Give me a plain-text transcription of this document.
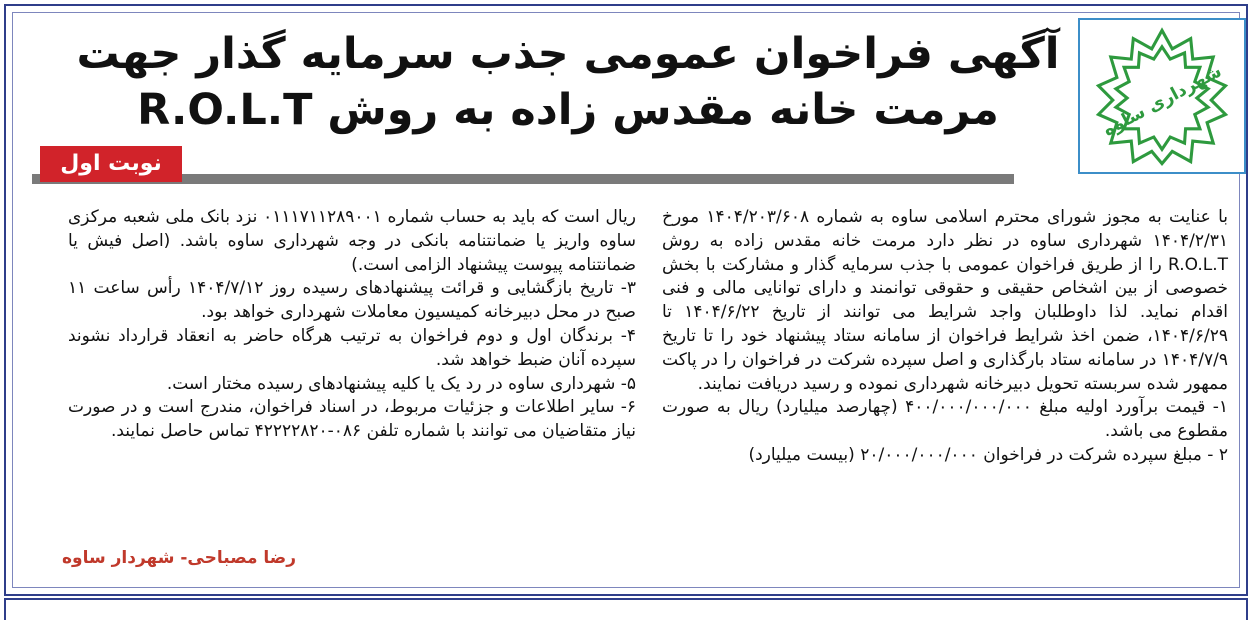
شهرداری ساوه
آگهی فراخوان عمومی جذب سرمایه گذار جهت
مرمت خانه مقدس زاده به روش R.O.L.T
نوبت اول

با عنایت به مجوز شورای محترم اسلامی ساوه به شماره ۱۴۰۴/۲۰۳/۶۰۸ مورخ ۱۴۰۴/۲/۳۱ شهرداری ساوه در نظر دارد مرمت خانه مقدس زاده به روش R.O.L.T را از طریق فراخوان عمومی با جذب سرمایه گذار و مشارکت با بخش خصوصی از بین اشخاص حقیقی و حقوقی توانمند و دارای توانایی مالی و فنی اقدام نماید. لذا داوطلبان واجد شرایط می توانند از تاریخ ۱۴۰۴/۶/۲۲ تا ۱۴۰۴/۶/۲۹، ضمن اخذ شرایط فراخوان از سامانه ستاد پیشنهاد خود را تا تاریخ ۱۴۰۴/۷/۹ در سامانه ستاد بارگذاری و اصل سپرده شرکت در فراخوان را در پاکت ممهور شده سربسته تحویل دبیرخانه شهرداری نموده و رسید دریافت نمایند.

۱- قیمت برآورد اولیه مبلغ ۴۰۰/۰۰۰/۰۰۰/۰۰۰ (چهارصد میلیارد) ریال به صورت مقطوع می باشد.

۲ - مبلغ سپرده شرکت در فراخوان ۲۰/۰۰۰/۰۰۰/۰۰۰ (بیست میلیارد)

ریال است که باید به حساب شماره ۰۱۱۱۷۱۱۲۸۹۰۰۱ نزد بانک ملی شعبه مرکزی ساوه واریز یا ضمانتنامه بانکی در وجه شهرداری ساوه باشد. (اصل فیش یا ضمانتنامه پیوست پیشنهاد الزامی است.)

۳- تاریخ بازگشایی و قرائت پیشنهادهای رسیده روز ۱۴۰۴/۷/۱۲ رأس ساعت ۱۱ صبح در محل دبیرخانه کمیسیون معاملات شهرداری خواهد بود.

۴- برندگان اول و دوم فراخوان به ترتیب هرگاه حاضر به انعقاد قرارداد نشوند سپرده آنان ضبط خواهد شد.

۵- شهرداری ساوه در رد یک یا کلیه پیشنهادهای رسیده مختار است.

۶- سایر اطلاعات و جزئیات مربوط، در اسناد فراخوان، مندرج است و در صورت نیاز متقاضیان می توانند با شماره تلفن ۰۸۶-۴۲۲۲۲۸۲۰ تماس حاصل نمایند.

رضا مصباحی- شهردار ساوه
